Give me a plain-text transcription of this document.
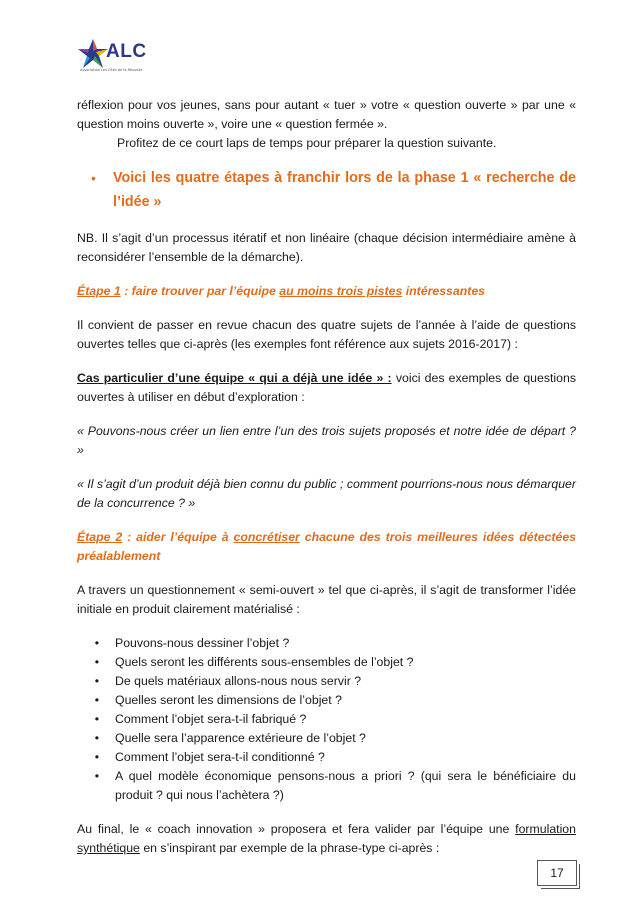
ALC
Association Les Cités de la Réussite

réflexion pour vos jeunes, sans pour autant « tuer » votre « question ouverte » par une « question moins ouverte », voire une « question fermée ».

Profitez de ce court laps de temps pour préparer la question suivante.

•	Voici les quatre étapes à franchir lors de la phase 1 « recherche de l’idée »

NB. Il s’agit d’un processus itératif et non linéaire (chaque décision intermédiaire amène à reconsidérer l’ensemble de la démarche).

Étape 1 : faire trouver par l’équipe au moins trois pistes intéressantes

Il convient de passer en revue chacun des quatre sujets de l’année à l’aide de questions ouvertes telles que ci-après (les exemples font référence aux sujets 2016-2017) :

Cas particulier d’une équipe « qui a déjà une idée » : voici des exemples de questions ouvertes à utiliser en début d’exploration :

« Pouvons-nous créer un lien entre l’un des trois sujets proposés et notre idée de départ ? »

« Il s’agit d’un produit déjà bien connu du public ; comment pourrions-nous nous démarquer de la concurrence ? »

Étape 2 : aider l’équipe à concrétiser chacune des trois meilleures idées détectées préalablement

A travers un questionnement « semi-ouvert » tel que ci-après, il s’agit de transformer l’idée initiale en produit clairement matérialisé :

•	Pouvons-nous dessiner l’objet ?
•	Quels seront les différents sous-ensembles de l’objet ?
•	De quels matériaux allons-nous nous servir ?
•	Quelles seront les dimensions de l’objet ?
•	Comment l’objet sera-t-il fabriqué ?
•	Quelle sera l’apparence extérieure de l’objet ?
•	Comment l’objet sera-t-il conditionné ?
•	A quel modèle économique pensons-nous a priori ? (qui sera le bénéficiaire du produit ? qui nous l’achètera ?)

Au final, le « coach innovation » proposera et fera valider par l’équipe une formulation synthétique en s’inspirant par exemple de la phrase-type ci-après :

17
